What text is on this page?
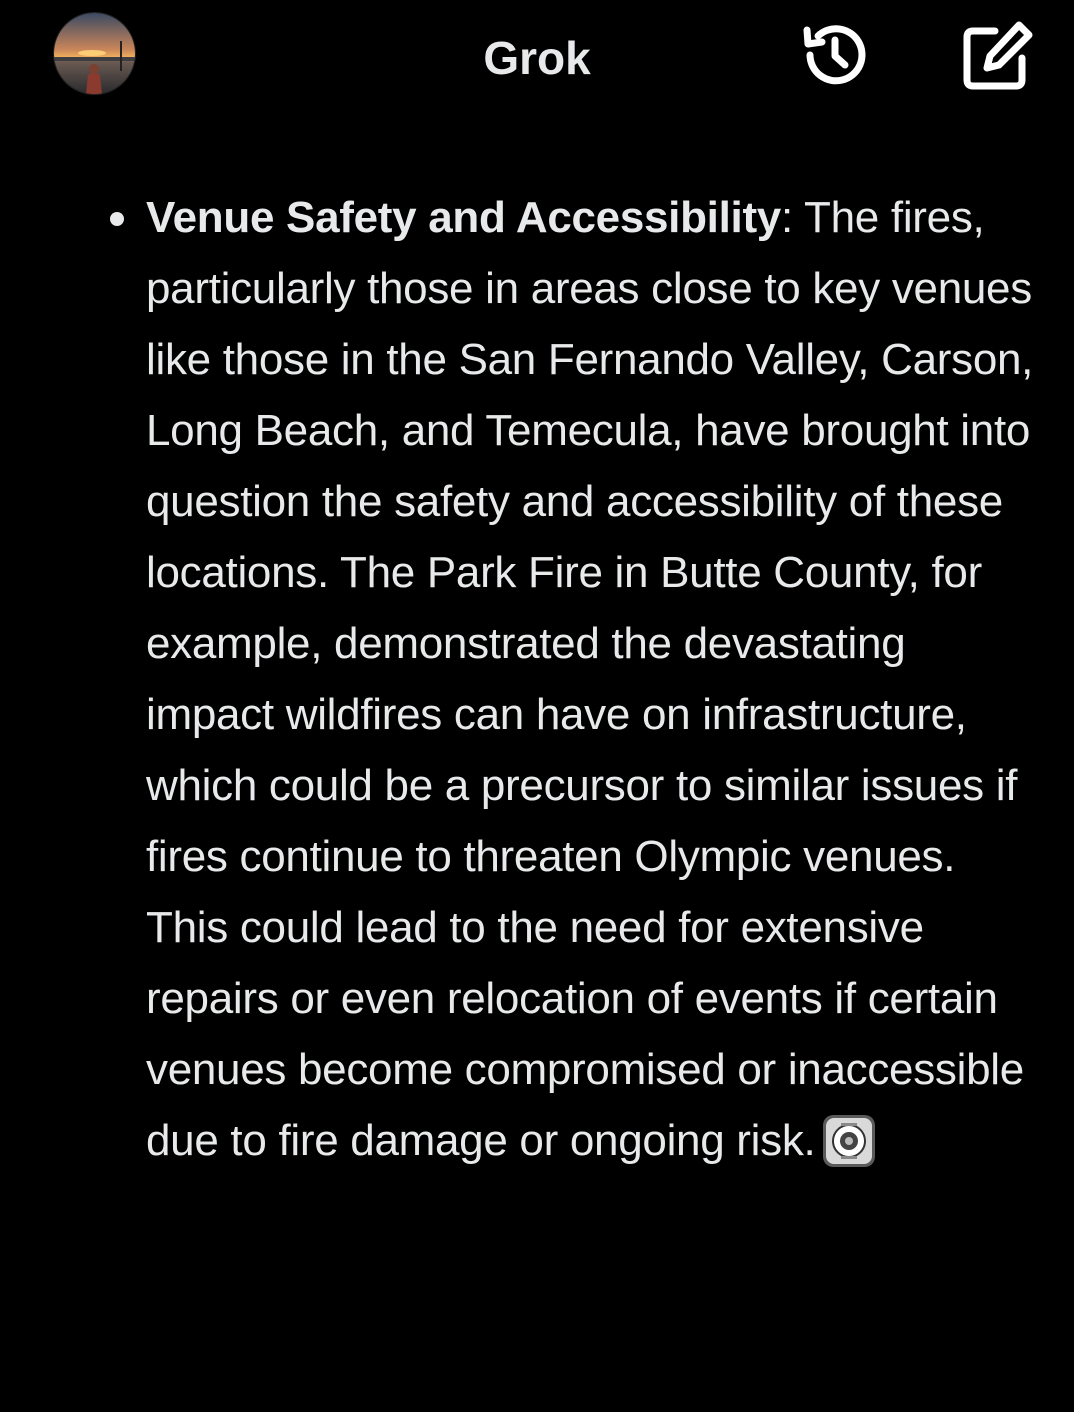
Grok
Venue Safety and Accessibility: The fires, particularly those in areas close to key venues like those in the San Fernando Valley, Carson, Long Beach, and Temecula, have brought into question the safety and accessibility of these locations. The Park Fire in Butte County, for example, demonstrated the devastating impact wildfires can have on infrastructure, which could be a precursor to similar issues if fires continue to threaten Olympic venues. This could lead to the need for extensive repairs or even relocation of events if certain venues become compromised or inaccessible due to fire damage or ongoing risk.
